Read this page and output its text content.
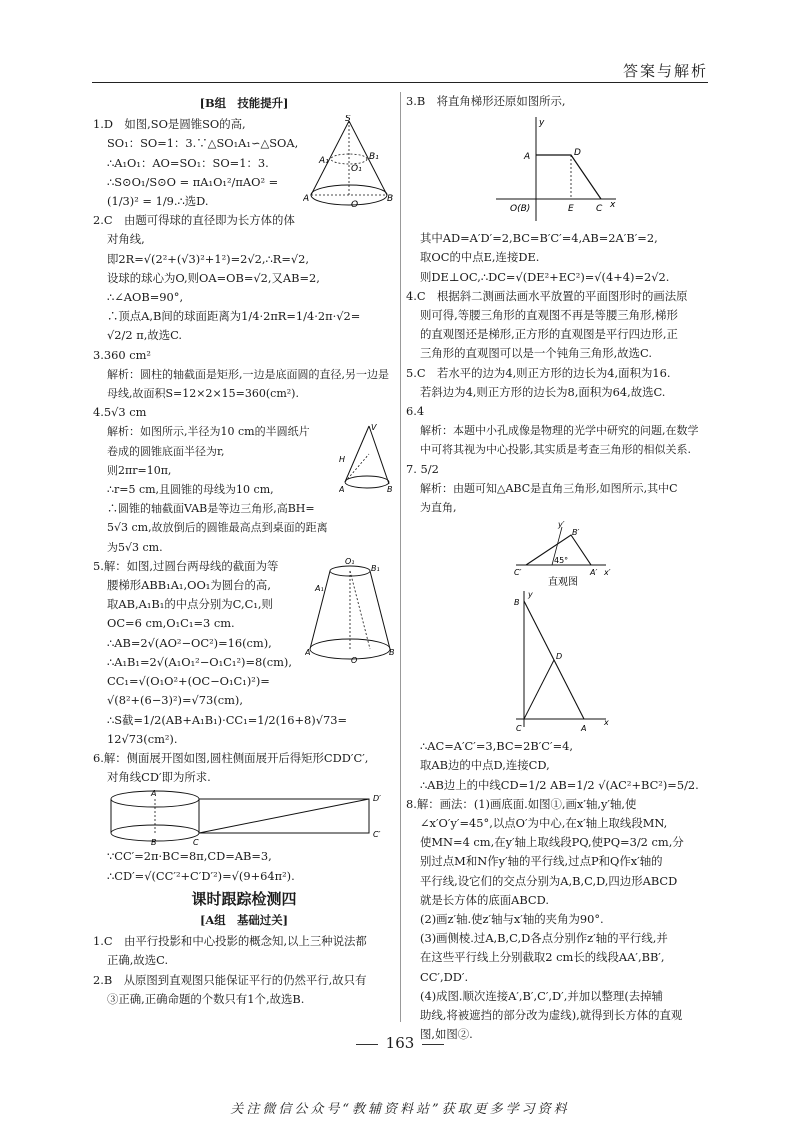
答案与解析

[B组　技能提升]

S
A₁	B₁
O₁
A
O
B

1.D　如图,SO是圆锥SO的高,

SO₁：SO=1：3.∵△SO₁A₁∽△SOA,

∴A₁O₁：AO=SO₁：SO=1：3.

∴S⊙O₁/S⊙O = πA₁O₁²/πAO² = (1/3)² = 1/9.∴选D.

2.C　由题可得球的直径即为长方体的体

对角线,

即2R=√(2²+(√3)²+1²)=2√2,∴R=√2,

设球的球心为O,则OA=OB=√2,又AB=2,

∴∠AOB=90°,

∴顶点A,B间的球面距离为1/4·2πR=1/4·2π·√2=

√2/2 π,故选C.

3.360 cm²

解析：圆柱的轴截面是矩形,一边是底面圆的直径,另一边是母线,故面积S=12×2×15=360(cm²).

4.5√3 cm

V
H
A	B

解析：如图所示,半径为10 cm的半圆纸片

卷成的圆锥底面半径为r,

则2πr=10π,

∴r=5 cm,且圆锥的母线为10 cm,

∴圆锥的轴截面VAB是等边三角形,高BH=

5√3 cm,故放倒后的圆锥最高点到桌面的距离

为5√3 cm.

O₁
B₁
A₁
A	B
O

5.解：如图,过圆台两母线的截面为等

腰梯形ABB₁A₁,OO₁为圆台的高,

取AB,A₁B₁的中点分别为C,C₁,则

OC=6 cm,O₁C₁=3 cm.

∴AB=2√(AO²−OC²)=16(cm),

∴A₁B₁=2√(A₁O₁²−O₁C₁²)=8(cm),

CC₁=√(O₁O²+(OC−O₁C₁)²)=

√(8²+(6−3)²)=√73(cm),

∴S截=1/2(AB+A₁B₁)·CC₁=1/2(16+8)√73=

12√73(cm²).

6.解：侧面展开图如图,圆柱侧面展开后得矩形CDD′C′,

对角线CD′即为所求.

A
B	C
D′
C′

∵CC′=2π·BC=8π,CD=AB=3,

∴CD′=√(CC′²+C′D′²)=√(9+64π²).

课时跟踪检测四

[A组　基础过关]

1.C　由平行投影和中心投影的概念知,以上三种说法都

正确,故选C.

2.B　从原图到直观图只能保证平行的仍然平行,故只有

③正确,正确命题的个数只有1个,故选B.

3.B　将直角梯形还原如图所示,

y
A	D
O(B)	E C x

其中AD=A′D′=2,BC=B′C′=4,AB=2A′B′=2,

取OC的中点E,连接DE.

则DE⊥OC,∴DC=√(DE²+EC²)=√(4+4)=2√2.

4.C　根据斜二测画法画水平放置的平面图形时的画法原

则可得,等腰三角形的直观图不再是等腰三角形,梯形

的直观图还是梯形,正方形的直观图是平行四边形,正

三角形的直观图可以是一个钝角三角形,故选C.

5.C　若水平的边为4,则正方形的边长为4,面积为16.

若斜边为4,则正方形的边长为8,面积为64,故选C.

6.4

解析：本题中小孔成像是物理的光学中研究的问题,在数学中可将其视为中心投影,其实质是考查三角形的相似关系.

7. 5/2

解析：由题可知△ABC是直角三角形,如图所示,其中C

为直角,

45°
y′
B′
C′	A′ x′
直观图
y
B
D
C	A
x

∴AC=A′C′=3,BC=2B′C′=4,

取AB边的中点D,连接CD,

∴AB边上的中线CD=1/2 AB=1/2 √(AC²+BC²)=5/2.

8.解：画法：(1)画底面.如图①,画x′轴,y′轴,使

∠x′O′y′=45°,以点O′为中心,在x′轴上取线段MN,

使MN=4 cm,在y′轴上取线段PQ,使PQ=3/2 cm,分

别过点M和N作y′轴的平行线,过点P和Q作x′轴的

平行线,设它们的交点分别为A,B,C,D,四边形ABCD

就是长方体的底面ABCD.

(2)画z′轴.使z′轴与x′轴的夹角为90°.

(3)画侧棱.过A,B,C,D各点分别作z′轴的平行线,并

在这些平行线上分别截取2 cm长的线段AA′,BB′,

CC′,DD′.

(4)成图.顺次连接A′,B′,C′,D′,并加以整理(去掉辅

助线,将被遮挡的部分改为虚线),就得到长方体的直观

图,如图②.

163
关注微信公众号“教辅资料站”获取更多学习资料
